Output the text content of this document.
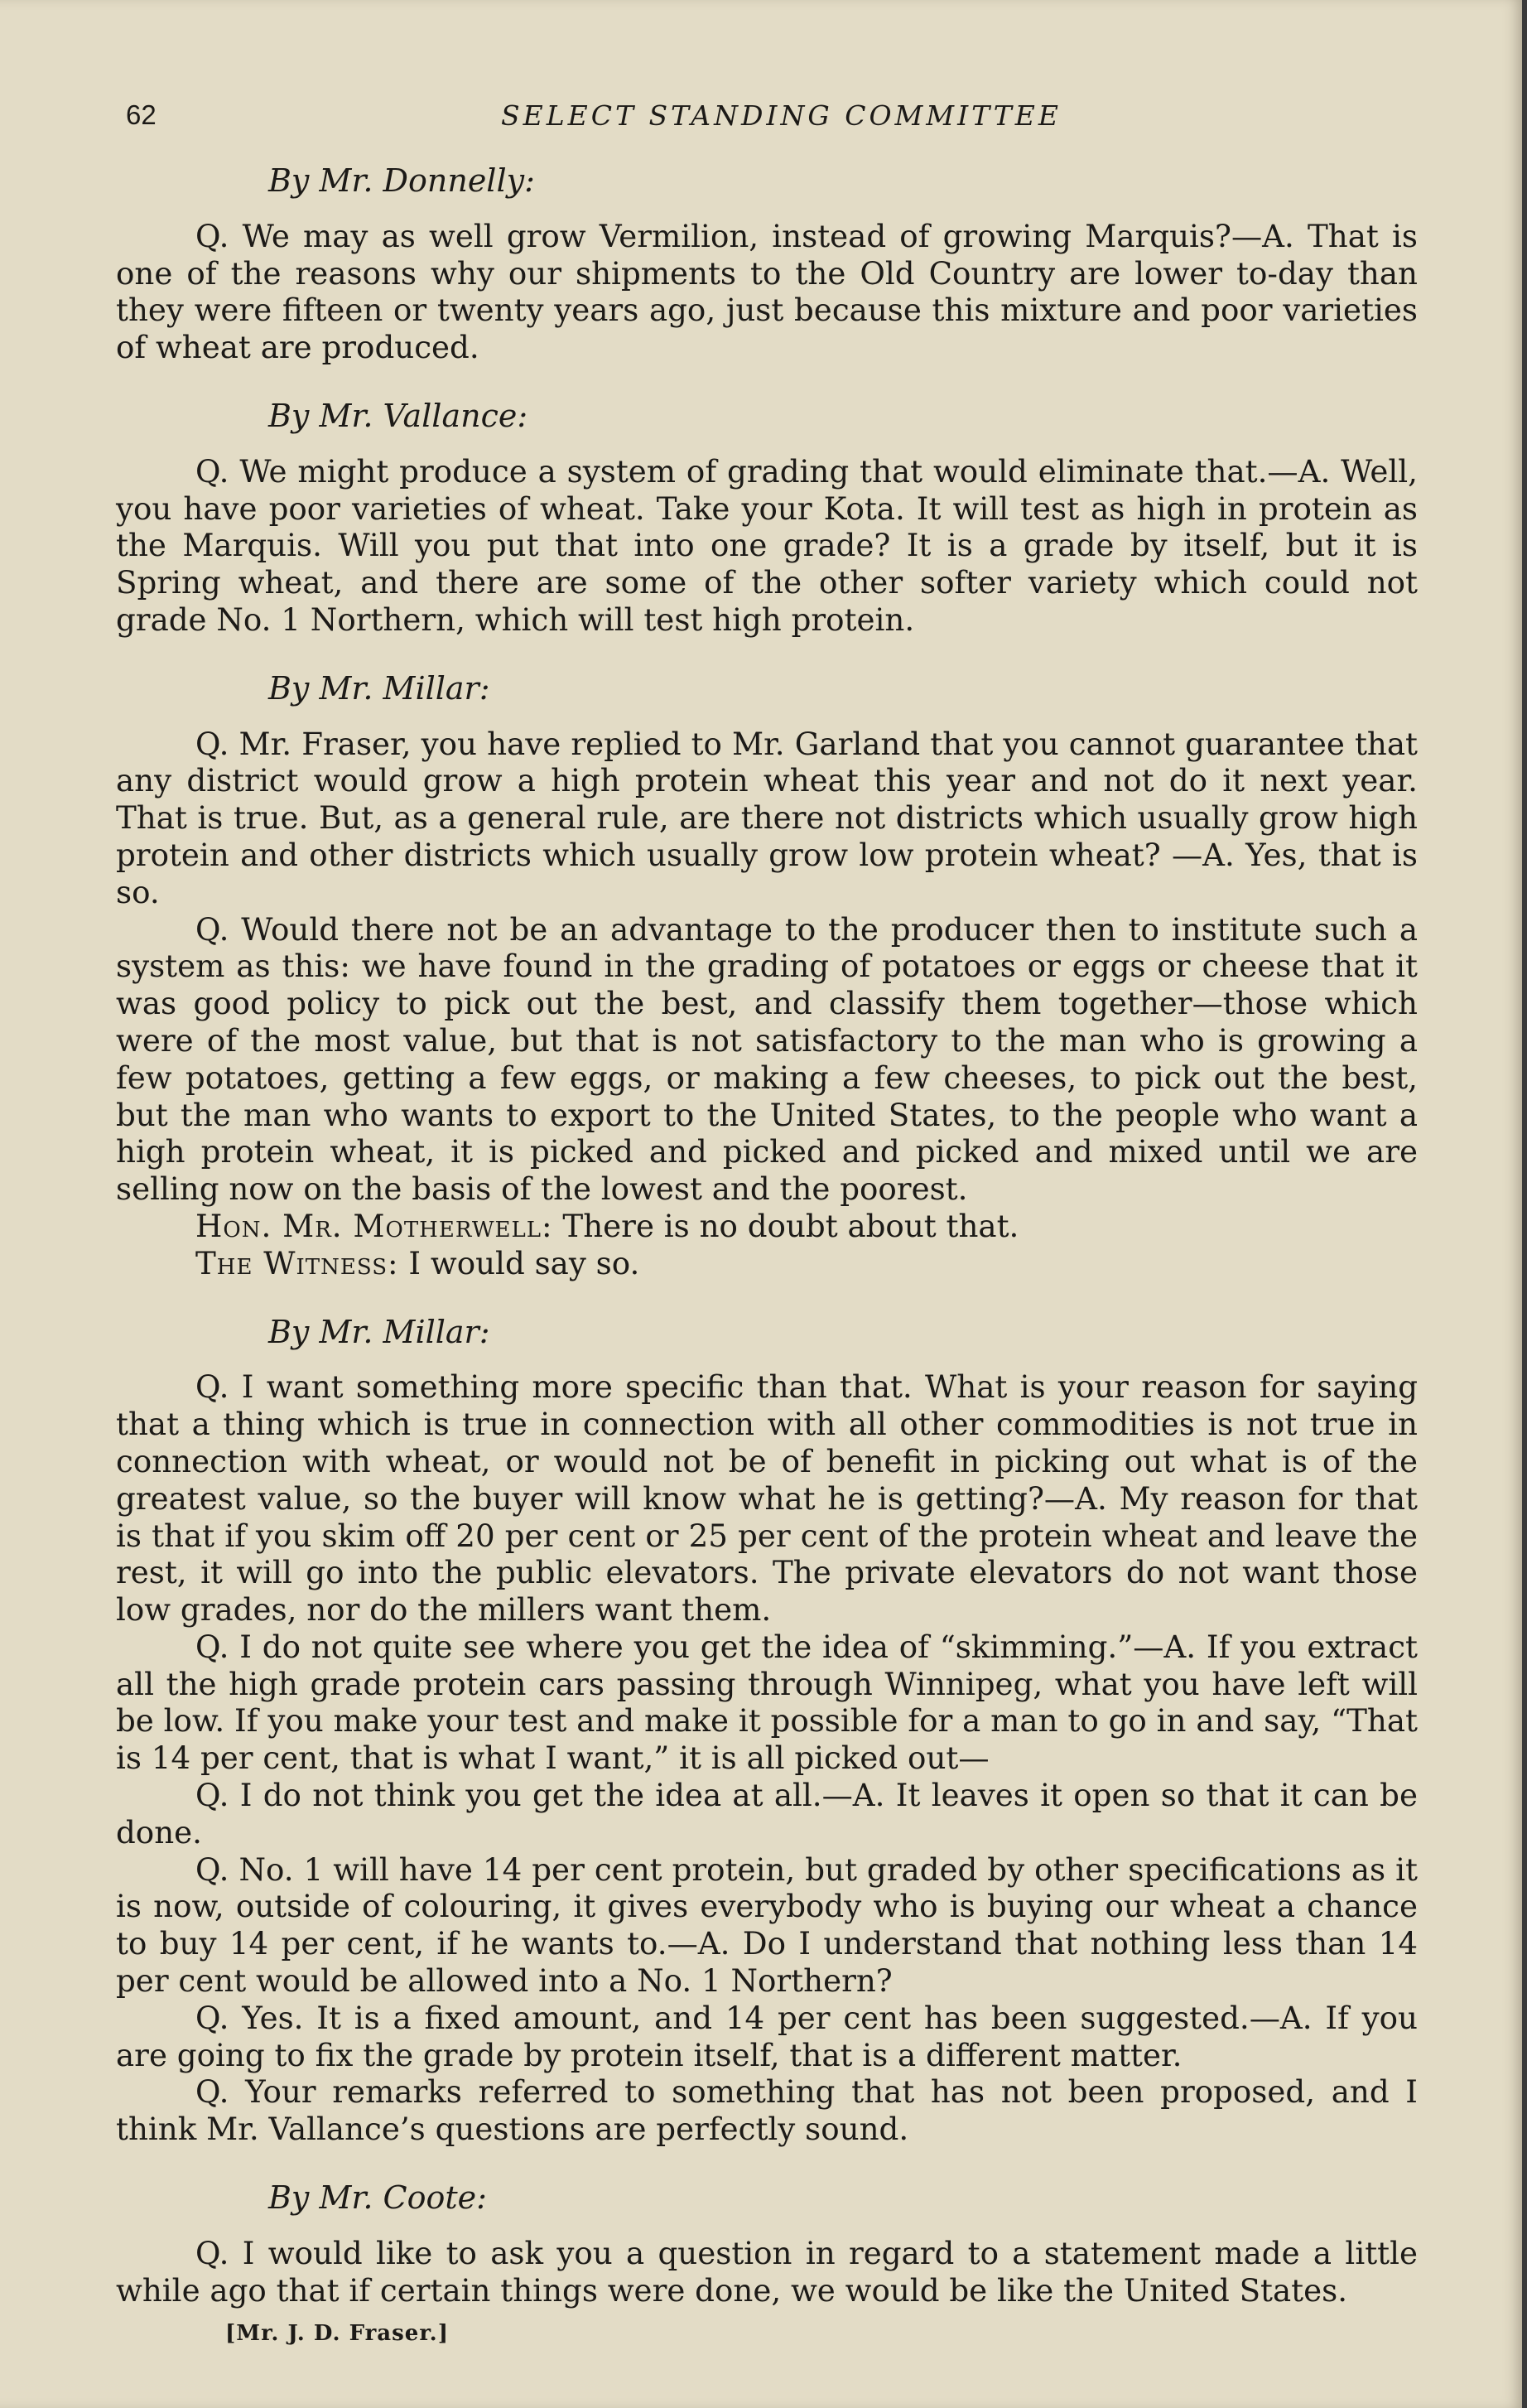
62	SELECT STANDING COMMITTEE
By Mr. Donnelly:

Q. We may as well grow Vermilion, instead of growing Marquis?—A. That is one of the reasons why our shipments to the Old Country are lower to-day than they were fifteen or twenty years ago, just because this mixture and poor varieties of wheat are produced.

By Mr. Vallance:

Q. We might produce a system of grading that would eliminate that.—A. Well, you have poor varieties of wheat. Take your Kota. It will test as high in protein as the Marquis. Will you put that into one grade? It is a grade by itself, but it is Spring wheat, and there are some of the other softer variety which could not grade No. 1 Northern, which will test high protein.

By Mr. Millar:

Q. Mr. Fraser, you have replied to Mr. Garland that you cannot guarantee that any district would grow a high protein wheat this year and not do it next year. That is true. But, as a general rule, are there not districts which usually grow high protein and other districts which usually grow low protein wheat? —A. Yes, that is so.

Q. Would there not be an advantage to the producer then to institute such a system as this: we have found in the grading of potatoes or eggs or cheese that it was good policy to pick out the best, and classify them together—those which were of the most value, but that is not satisfactory to the man who is growing a few potatoes, getting a few eggs, or making a few cheeses, to pick out the best, but the man who wants to export to the United States, to the people who want a high protein wheat, it is picked and picked and picked and mixed until we are selling now on the basis of the lowest and the poorest.

Hon. Mr. Motherwell: There is no doubt about that.

The Witness: I would say so.

By Mr. Millar:

Q. I want something more specific than that. What is your reason for saying that a thing which is true in connection with all other commodities is not true in connection with wheat, or would not be of benefit in picking out what is of the greatest value, so the buyer will know what he is getting?—A. My reason for that is that if you skim off 20 per cent or 25 per cent of the protein wheat and leave the rest, it will go into the public elevators. The private elevators do not want those low grades, nor do the millers want them.

Q. I do not quite see where you get the idea of “skimming.”—A. If you extract all the high grade protein cars passing through Winnipeg, what you have left will be low. If you make your test and make it possible for a man to go in and say, “That is 14 per cent, that is what I want,” it is all picked out—

Q. I do not think you get the idea at all.—A. It leaves it open so that it can be done.

Q. No. 1 will have 14 per cent protein, but graded by other specifications as it is now, outside of colouring, it gives everybody who is buying our wheat a chance to buy 14 per cent, if he wants to.—A. Do I understand that nothing less than 14 per cent would be allowed into a No. 1 Northern?

Q. Yes. It is a fixed amount, and 14 per cent has been suggested.—A. If you are going to fix the grade by protein itself, that is a different matter.

Q. Your remarks referred to something that has not been proposed, and I think Mr. Vallance’s questions are perfectly sound.

By Mr. Coote:

Q. I would like to ask you a question in regard to a statement made a little while ago that if certain things were done, we would be like the United States.

[Mr. J. D. Fraser.]
